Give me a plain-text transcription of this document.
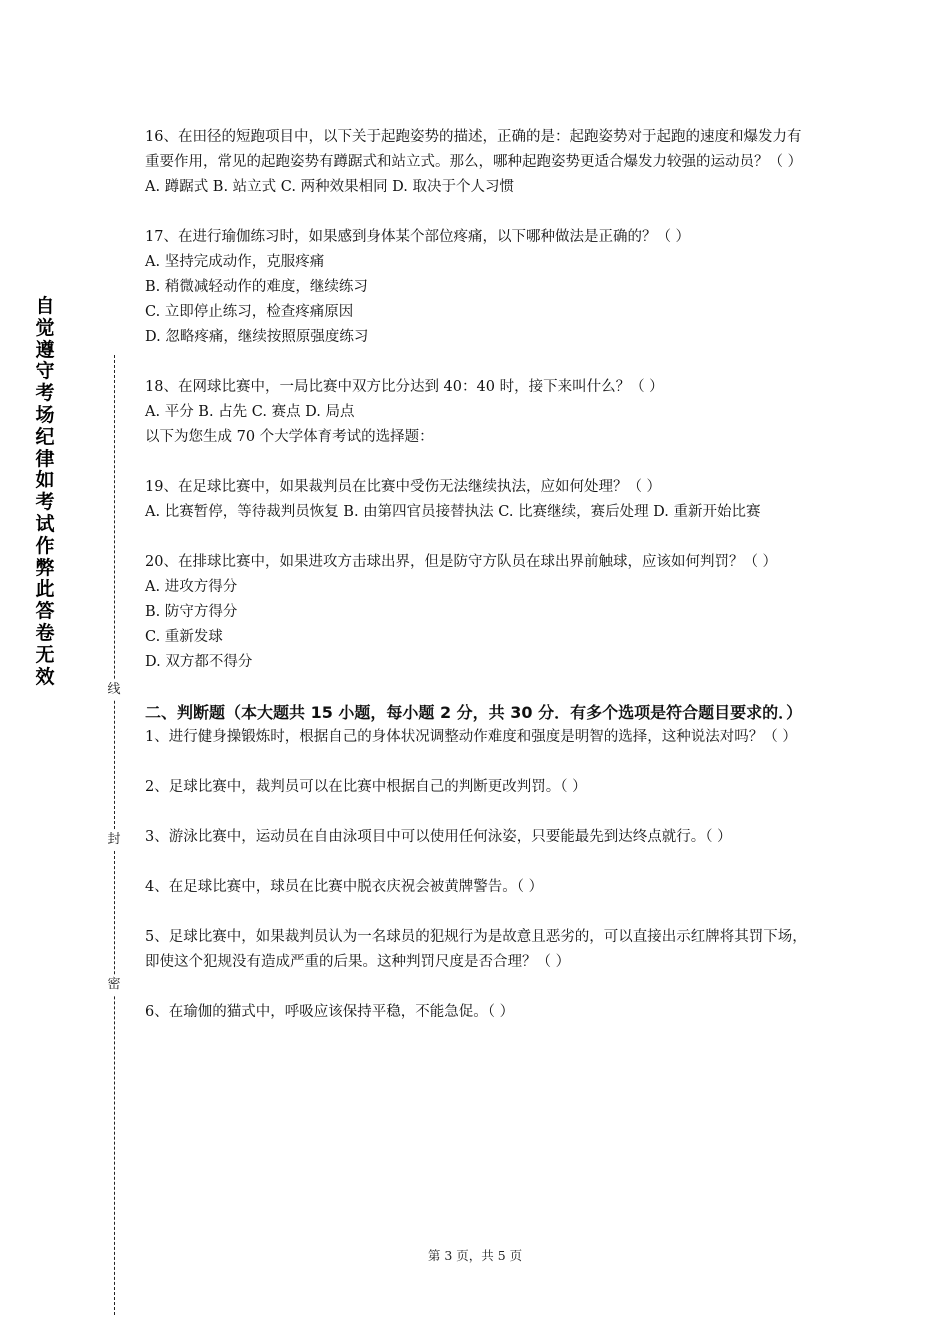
自觉遵守考场纪律如考试作弊此答卷无效
线
封
密

16、在田径的短跑项目中，以下关于起跑姿势的描述，正确的是：起跑姿势对于起跑的速度和爆发力有重要作用，常见的起跑姿势有蹲踞式和站立式。那么，哪种起跑姿势更适合爆发力较强的运动员？（ ）

A. 蹲踞式 B. 站立式 C. 两种效果相同 D. 取决于个人习惯

17、在进行瑜伽练习时，如果感到身体某个部位疼痛，以下哪种做法是正确的？（ ）

A. 坚持完成动作，克服疼痛

B. 稍微减轻动作的难度，继续练习

C. 立即停止练习，检查疼痛原因

D. 忽略疼痛，继续按照原强度练习

18、在网球比赛中，一局比赛中双方比分达到 40：40 时，接下来叫什么？（ ）

A. 平分 B. 占先 C. 赛点 D. 局点

以下为您生成 70 个大学体育考试的选择题：

19、在足球比赛中，如果裁判员在比赛中受伤无法继续执法，应如何处理？（ ）

A. 比赛暂停，等待裁判员恢复 B. 由第四官员接替执法 C. 比赛继续，赛后处理 D. 重新开始比赛

20、在排球比赛中，如果进攻方击球出界，但是防守方队员在球出界前触球，应该如何判罚？（ ）

A. 进攻方得分

B. 防守方得分

C. 重新发球

D. 双方都不得分

二、判断题（本大题共 15 小题，每小题 2 分，共 30 分．有多个选项是符合题目要求的．）

1、进行健身操锻炼时，根据自己的身体状况调整动作难度和强度是明智的选择，这种说法对吗？（ ）

2、足球比赛中，裁判员可以在比赛中根据自己的判断更改判罚。（ ）

3、游泳比赛中，运动员在自由泳项目中可以使用任何泳姿，只要能最先到达终点就行。（ ）

4、在足球比赛中，球员在比赛中脱衣庆祝会被黄牌警告。（ ）

5、足球比赛中，如果裁判员认为一名球员的犯规行为是故意且恶劣的，可以直接出示红牌将其罚下场，即使这个犯规没有造成严重的后果。这种判罚尺度是否合理？（ ）

6、在瑜伽的猫式中，呼吸应该保持平稳，不能急促。（ ）

第 3 页，共 5 页
